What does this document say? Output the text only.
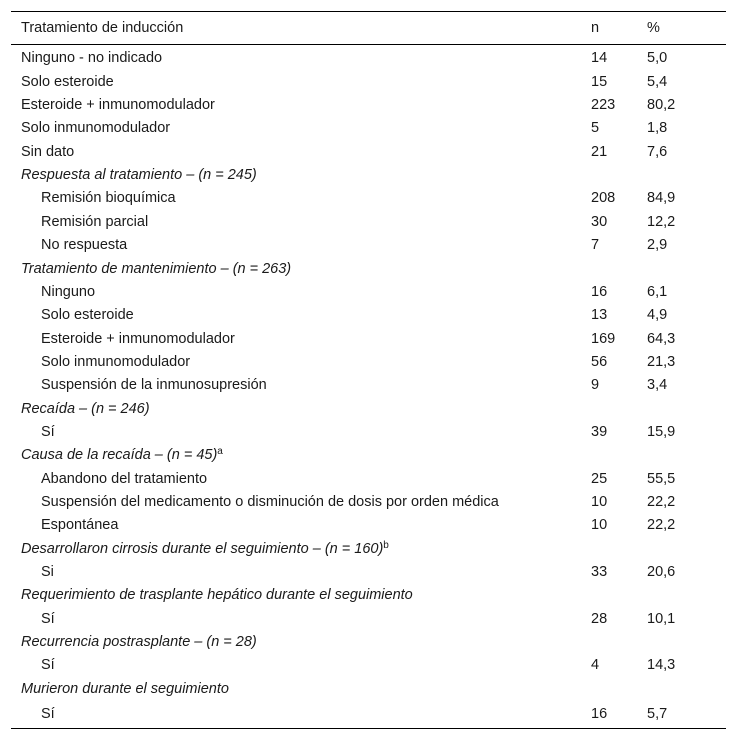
Tratamiento de inducción	n	%
Ninguno - no indicado	14	5,0
Solo esteroide	15	5,4
Esteroide + inmunomodulador	223	80,2
Solo inmunomodulador	5	1,8
Sin dato	21	7,6
Respuesta al tratamiento – (n = 245)		
Remisión bioquímica	208	84,9
Remisión parcial	30	12,2
No respuesta	7	2,9
Tratamiento de mantenimiento – (n = 263)		
Ninguno	16	6,1
Solo esteroide	13	4,9
Esteroide + inmunomodulador	169	64,3
Solo inmunomodulador	56	21,3
Suspensión de la inmunosupresión	9	3,4
Recaída – (n = 246)		
Sí	39	15,9
Causa de la recaída – (n = 45)$^a$		
Abandono del tratamiento	25	55,5
Suspensión del medicamento o disminución de dosis por orden médica	10	22,2
Espontánea	10	22,2
Desarrollaron cirrosis durante el seguimiento – (n = 160)$^b$		
Si	33	20,6
Requerimiento de trasplante hepático durante el seguimiento		
Sí	28	10,1
Recurrencia postrasplante – (n = 28)		
Sí	4	14,3
Murieron durante el seguimiento		
Sí	16	5,7
